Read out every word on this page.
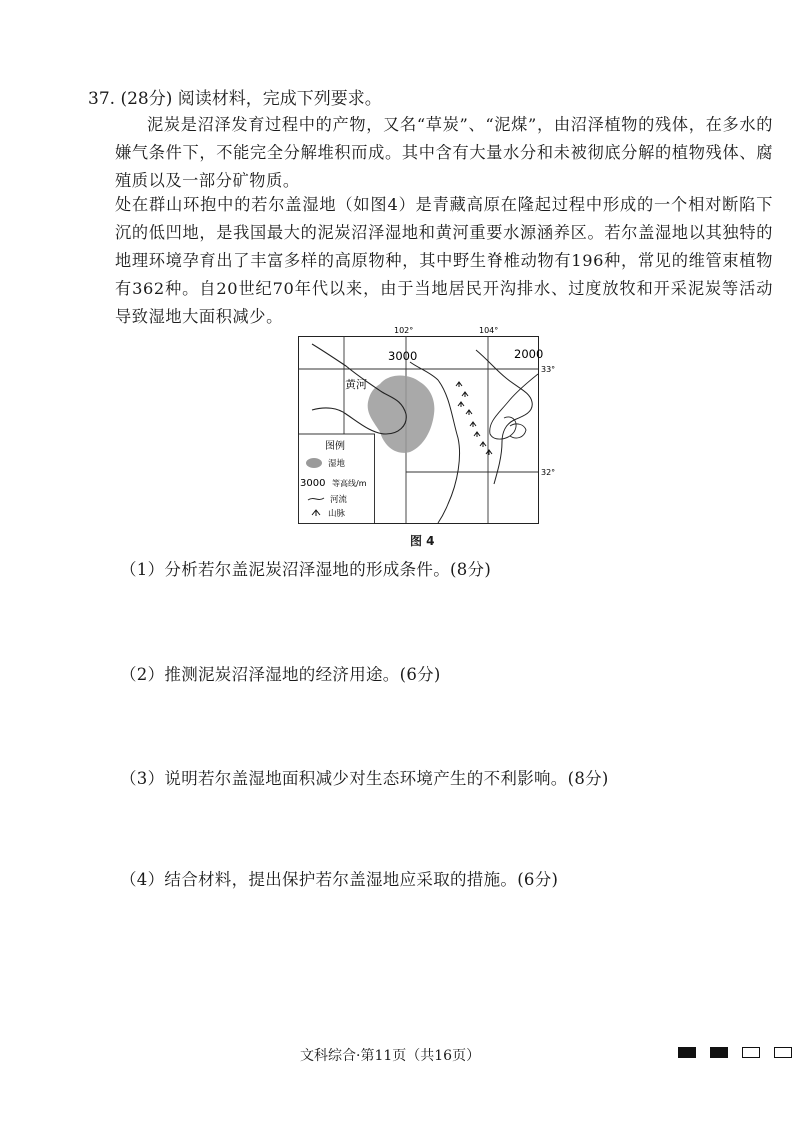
37. (28分) 阅读材料，完成下列要求。
泥炭是沼泽发育过程中的产物，又名“草炭”、“泥煤”，由沼泽植物的残体，在多水的嫌气条件下，不能完全分解堆积而成。其中含有大量水分和未被彻底分解的植物残体、腐殖质以及一部分矿物质。
处在群山环抱中的若尔盖湿地（如图4）是青藏高原在隆起过程中形成的一个相对断陷下沉的低凹地，是我国最大的泥炭沼泽湿地和黄河重要水源涵养区。若尔盖湿地以其独特的地理环境孕育出了丰富多样的高原物种，其中野生脊椎动物有196种，常见的维管束植物有362种。自20世纪70年代以来，由于当地居民开沟排水、过度放牧和开采泥炭等活动导致湿地大面积减少。
102°	104°
33°
32°
3000	2000
黄河
图例
湿地
3000 等高线/m
河流
山脉
图 4
（1）分析若尔盖泥炭沼泽湿地的形成条件。(8分)
（2）推测泥炭沼泽湿地的经济用途。(6分)
（3）说明若尔盖湿地面积减少对生态环境产生的不利影响。(8分)
（4）结合材料，提出保护若尔盖湿地应采取的措施。(6分)
文科综合·第11页（共16页）
